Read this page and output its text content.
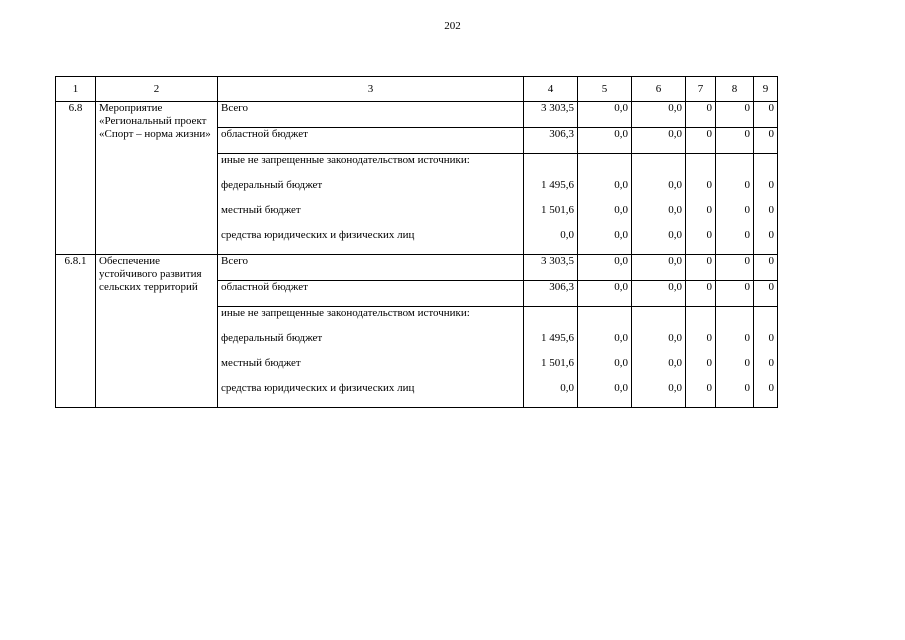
202
1	2	3	4	5	6	7	8	9
6.8	Мероприятие «Региональный проект «Спорт – норма жизни»	Всего	3 303,5	0,0	0,0	0	0	0
		областной бюджет	306,3	0,0	0,0	0	0	0
		иные не запрещенные законодательством источники:						
		федеральный бюджет	1 495,6	0,0	0,0	0	0	0
		местный бюджет	1 501,6	0,0	0,0	0	0	0
		средства юридических и физических лиц	0,0	0,0	0,0	0	0	0
6.8.1	Обеспечение устойчивого развития сельских территорий	Всего	3 303,5	0,0	0,0	0	0	0
		областной бюджет	306,3	0,0	0,0	0	0	0
		иные не запрещенные законодательством источники:						
		федеральный бюджет	1 495,6	0,0	0,0	0	0	0
		местный бюджет	1 501,6	0,0	0,0	0	0	0
		средства юридических и физических лиц	0,0	0,0	0,0	0	0	0
